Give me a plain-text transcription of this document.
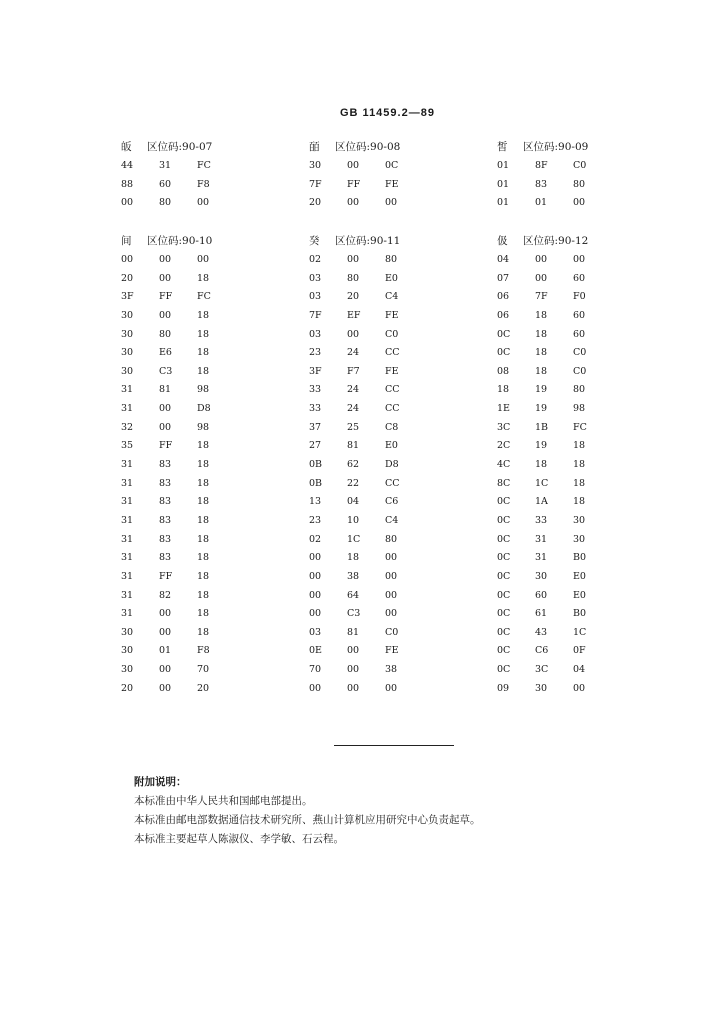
GB 11459.2—89
皈 区位码:90-07
44	31	FC
88	60	F8
00	80	00
皕 区位码:90-08
30	00	0C
7F	FF	FE
20	00	00
皙 区位码:90-09
01	8F	C0
01	83	80
01	01	00
间 区位码:90-10
00	00	00
20	00	18
3F	FF	FC
30	00	18
30	80	18
30	E6	18
30	C3	18
31	81	98
31	00	D8
32	00	98
35	FF	18
31	83	18
31	83	18
31	83	18
31	83	18
31	83	18
31	83	18
31	FF	18
31	82	18
31	00	18
30	00	18
30	01	F8
30	00	70
20	00	20
癸 区位码:90-11
02	00	80
03	80	E0
03	20	C4
7F	EF	FE
03	00	C0
23	24	CC
3F	F7	FE
33	24	CC
33	24	CC
37	25	C8
27	81	E0
0B	62	D8
0B	22	CC
13	04	C6
23	10	C4
02	1C	80
00	18	00
00	38	00
00	64	00
00	C3	00
03	81	C0
0E	00	FE
70	00	38
00	00	00
伋 区位码:90-12
04	00	00
07	00	60
06	7F	F0
06	18	60
0C	18	60
0C	18	C0
08	18	C0
18	19	80
1E	19	98
3C	1B	FC
2C	19	18
4C	18	18
8C	1C	18
0C	1A	18
0C	33	30
0C	31	30
0C	31	B0
0C	30	E0
0C	60	E0
0C	61	B0
0C	43	1C
0C	C6	0F
0C	3C	04
09	30	00
附加说明：
本标准由中华人民共和国邮电部提出。
本标准由邮电部数据通信技术研究所、燕山计算机应用研究中心负责起草。
本标准主要起草人陈淑仪、李学敏、石云程。
